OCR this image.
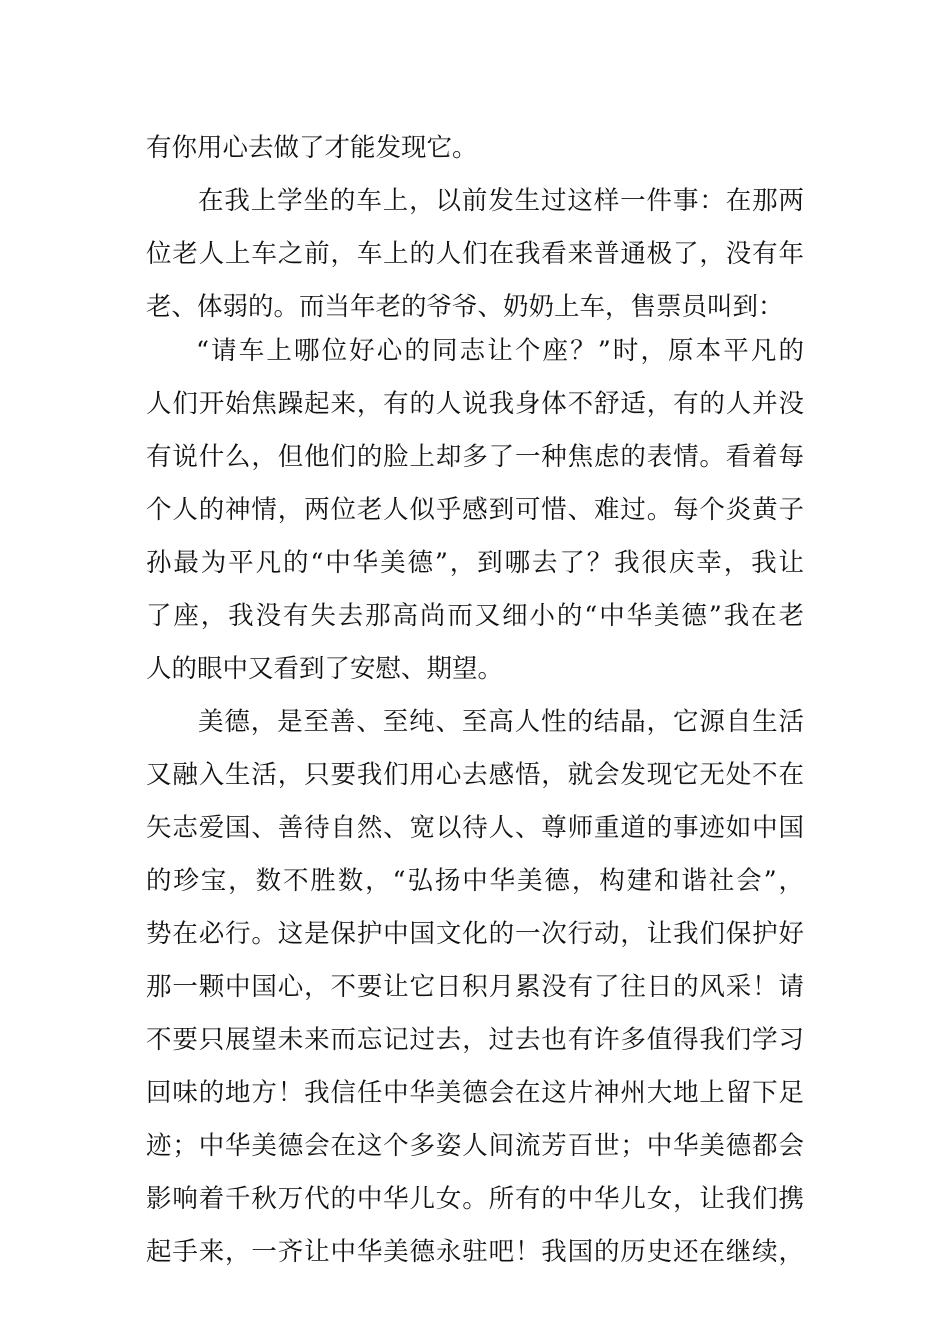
有你用心去做了才能发现它。
在我上学坐的车上，以前发生过这样一件事：在那两
位老人上车之前，车上的人们在我看来普通极了，没有年
老、体弱的。而当年老的爷爷、奶奶上车，售票员叫到：
“请车上哪位好心的同志让个座？”时，原本平凡的
人们开始焦躁起来，有的人说我身体不舒适，有的人并没
有说什么，但他们的脸上却多了一种焦虑的表情。看着每
个人的神情，两位老人似乎感到可惜、难过。每个炎黄子
孙最为平凡的“中华美德”，到哪去了？我很庆幸，我让
了座，我没有失去那高尚而又细小的“中华美德”我在老
人的眼中又看到了安慰、期望。
美德，是至善、至纯、至高人性的结晶，它源自生活
又融入生活，只要我们用心去感悟，就会发现它无处不在
矢志爱国、善待自然、宽以待人、尊师重道的事迹如中国
的珍宝，数不胜数，“弘扬中华美德，构建和谐社会”，
势在必行。这是保护中国文化的一次行动，让我们保护好
那一颗中国心，不要让它日积月累没有了往日的风采！请
不要只展望未来而忘记过去，过去也有许多值得我们学习
回味的地方！我信任中华美德会在这片神州大地上留下足
迹；中华美德会在这个多姿人间流芳百世；中华美德都会
影响着千秋万代的中华儿女。所有的中华儿女，让我们携
起手来，一齐让中华美德永驻吧！我国的历史还在继续，
